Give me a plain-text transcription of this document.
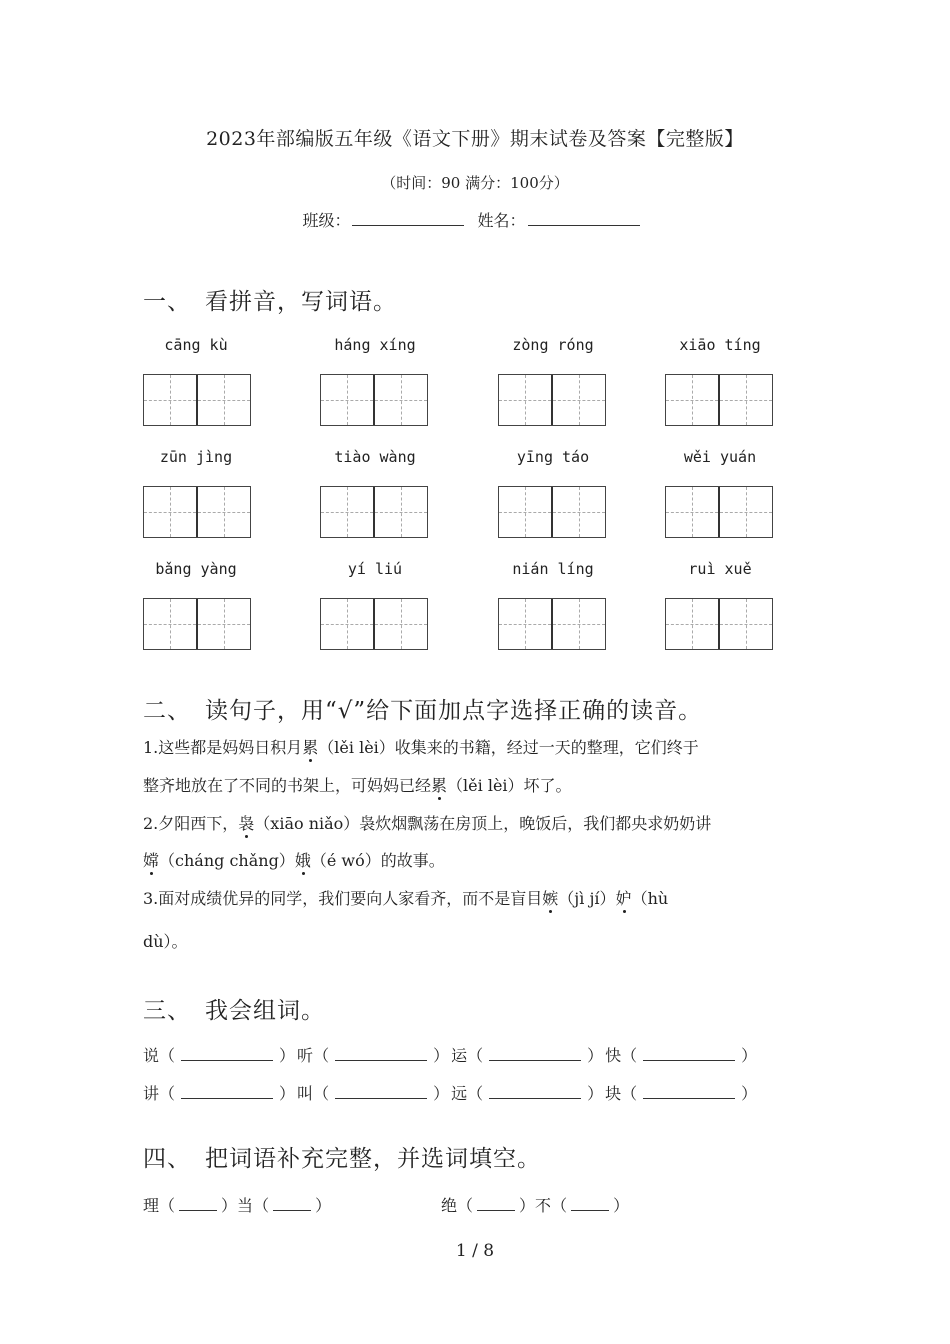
2023年部编版五年级《语文下册》期末试卷及答案【完整版】
（时间：90 满分：100分）
班级：	姓名：
一、 看拼音，写词语。
cāng kù	háng xíng	zòng róng	xiāo tíng
zūn jìng	tiào wàng	yīng táo	wěi yuán
bǎng yàng	yí liú	nián líng	ruì xuě
二、 读句子，用“√”给下面加点字选择正确的读音。
1.这些都是妈妈日积月累（lěi lèi）收集来的书籍，经过一天的整理，它们终于
整齐地放在了不同的书架上，可妈妈已经累（lěi lèi）坏了。
2.夕阳西下，袅（xiāo niǎo）袅炊烟飘荡在房顶上，晚饭后，我们都央求奶奶讲
嫦（cháng chǎng）娥（é wó）的故事。
3.面对成绩优异的同学，我们要向人家看齐，而不是盲目嫉（jì jí）妒（hù
dù）。
三、 我会组词。
说（	） 听（	） 运（	） 快（	）
讲（	） 叫（	） 远（	） 块（	）
四、 把词语补充完整，并选词填空。
理（	）当（	）	绝（	）不（	）
1 / 8
